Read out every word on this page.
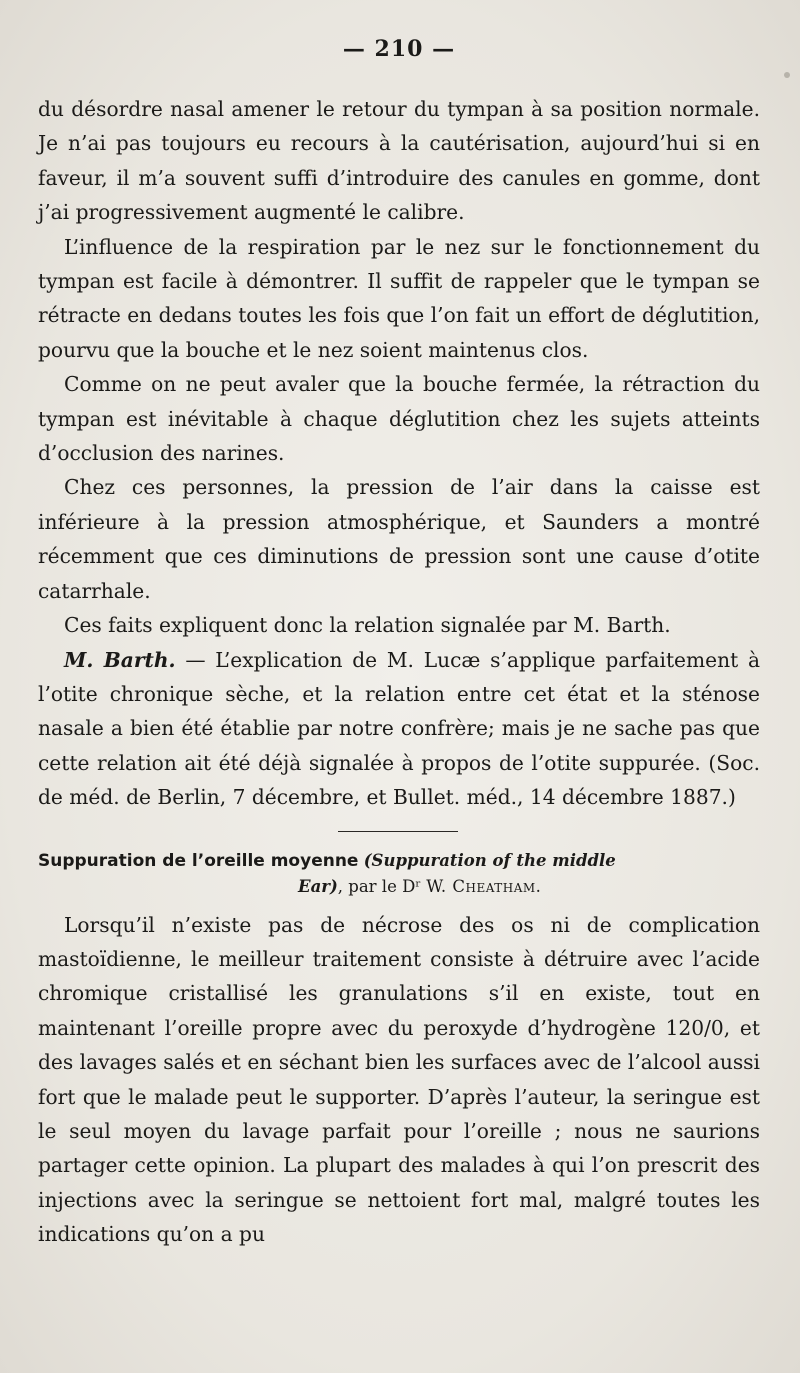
— 210 —

du désordre nasal amener le retour du tympan à sa position normale. Je n’ai pas toujours eu recours à la cautérisation, aujourd’hui si en faveur, il m’a souvent suffi d’introduire des canules en gomme, dont j’ai progressivement augmenté le calibre.

L’influence de la respiration par le nez sur le fonctionnement du tympan est facile à démontrer. Il suffit de rappeler que le tympan se rétracte en dedans toutes les fois que l’on fait un effort de déglutition, pourvu que la bouche et le nez soient maintenus clos.

Comme on ne peut avaler que la bouche fermée, la rétraction du tympan est inévitable à chaque déglutition chez les sujets atteints d’occlusion des narines.

Chez ces personnes, la pression de l’air dans la caisse est inférieure à la pression atmosphérique, et Saunders a montré récemment que ces diminutions de pression sont une cause d’otite catarrhale.

Ces faits expliquent donc la relation signalée par M. Barth.

M. Barth. — L’explication de M. Lucæ s’applique parfaitement à l’otite chronique sèche, et la relation entre cet état et la sténose nasale a bien été établie par notre confrère; mais je ne sache pas que cette relation ait été déjà signalée à propos de l’otite suppurée. (Soc. de méd. de Berlin, 7 décembre, et Bullet. méd., 14 décembre 1887.)

Suppuration de l’oreille moyenne (Suppuration of the middle
Ear), par le Dʳ W. Cheatham.

Lorsqu’il n’existe pas de nécrose des os ni de complication mastoïdienne, le meilleur traitement consiste à détruire avec l’acide chromique cristallisé les granulations s’il en existe, tout en maintenant l’oreille propre avec du peroxyde d’hydrogène 120/0, et des lavages salés et en séchant bien les surfaces avec de l’alcool aussi fort que le malade peut le supporter. D’après l’auteur, la seringue est le seul moyen du lavage parfait pour l’oreille ; nous ne saurions partager cette opinion. La plupart des malades à qui l’on prescrit des injections avec la seringue se nettoient fort mal, malgré toutes les indications qu’on a pu
